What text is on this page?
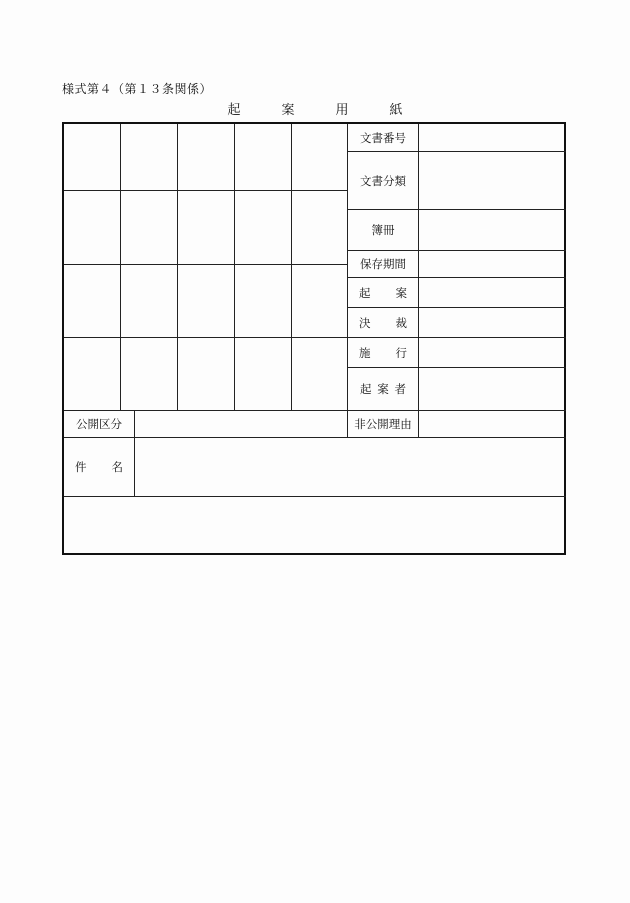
様式第４（第１３条関係）
起　案　用　紙
文書番号
文書分類
簿冊
保存期間
起 案
決 裁
施 行
起 案 者
公開区分	非公開理由
件 名
